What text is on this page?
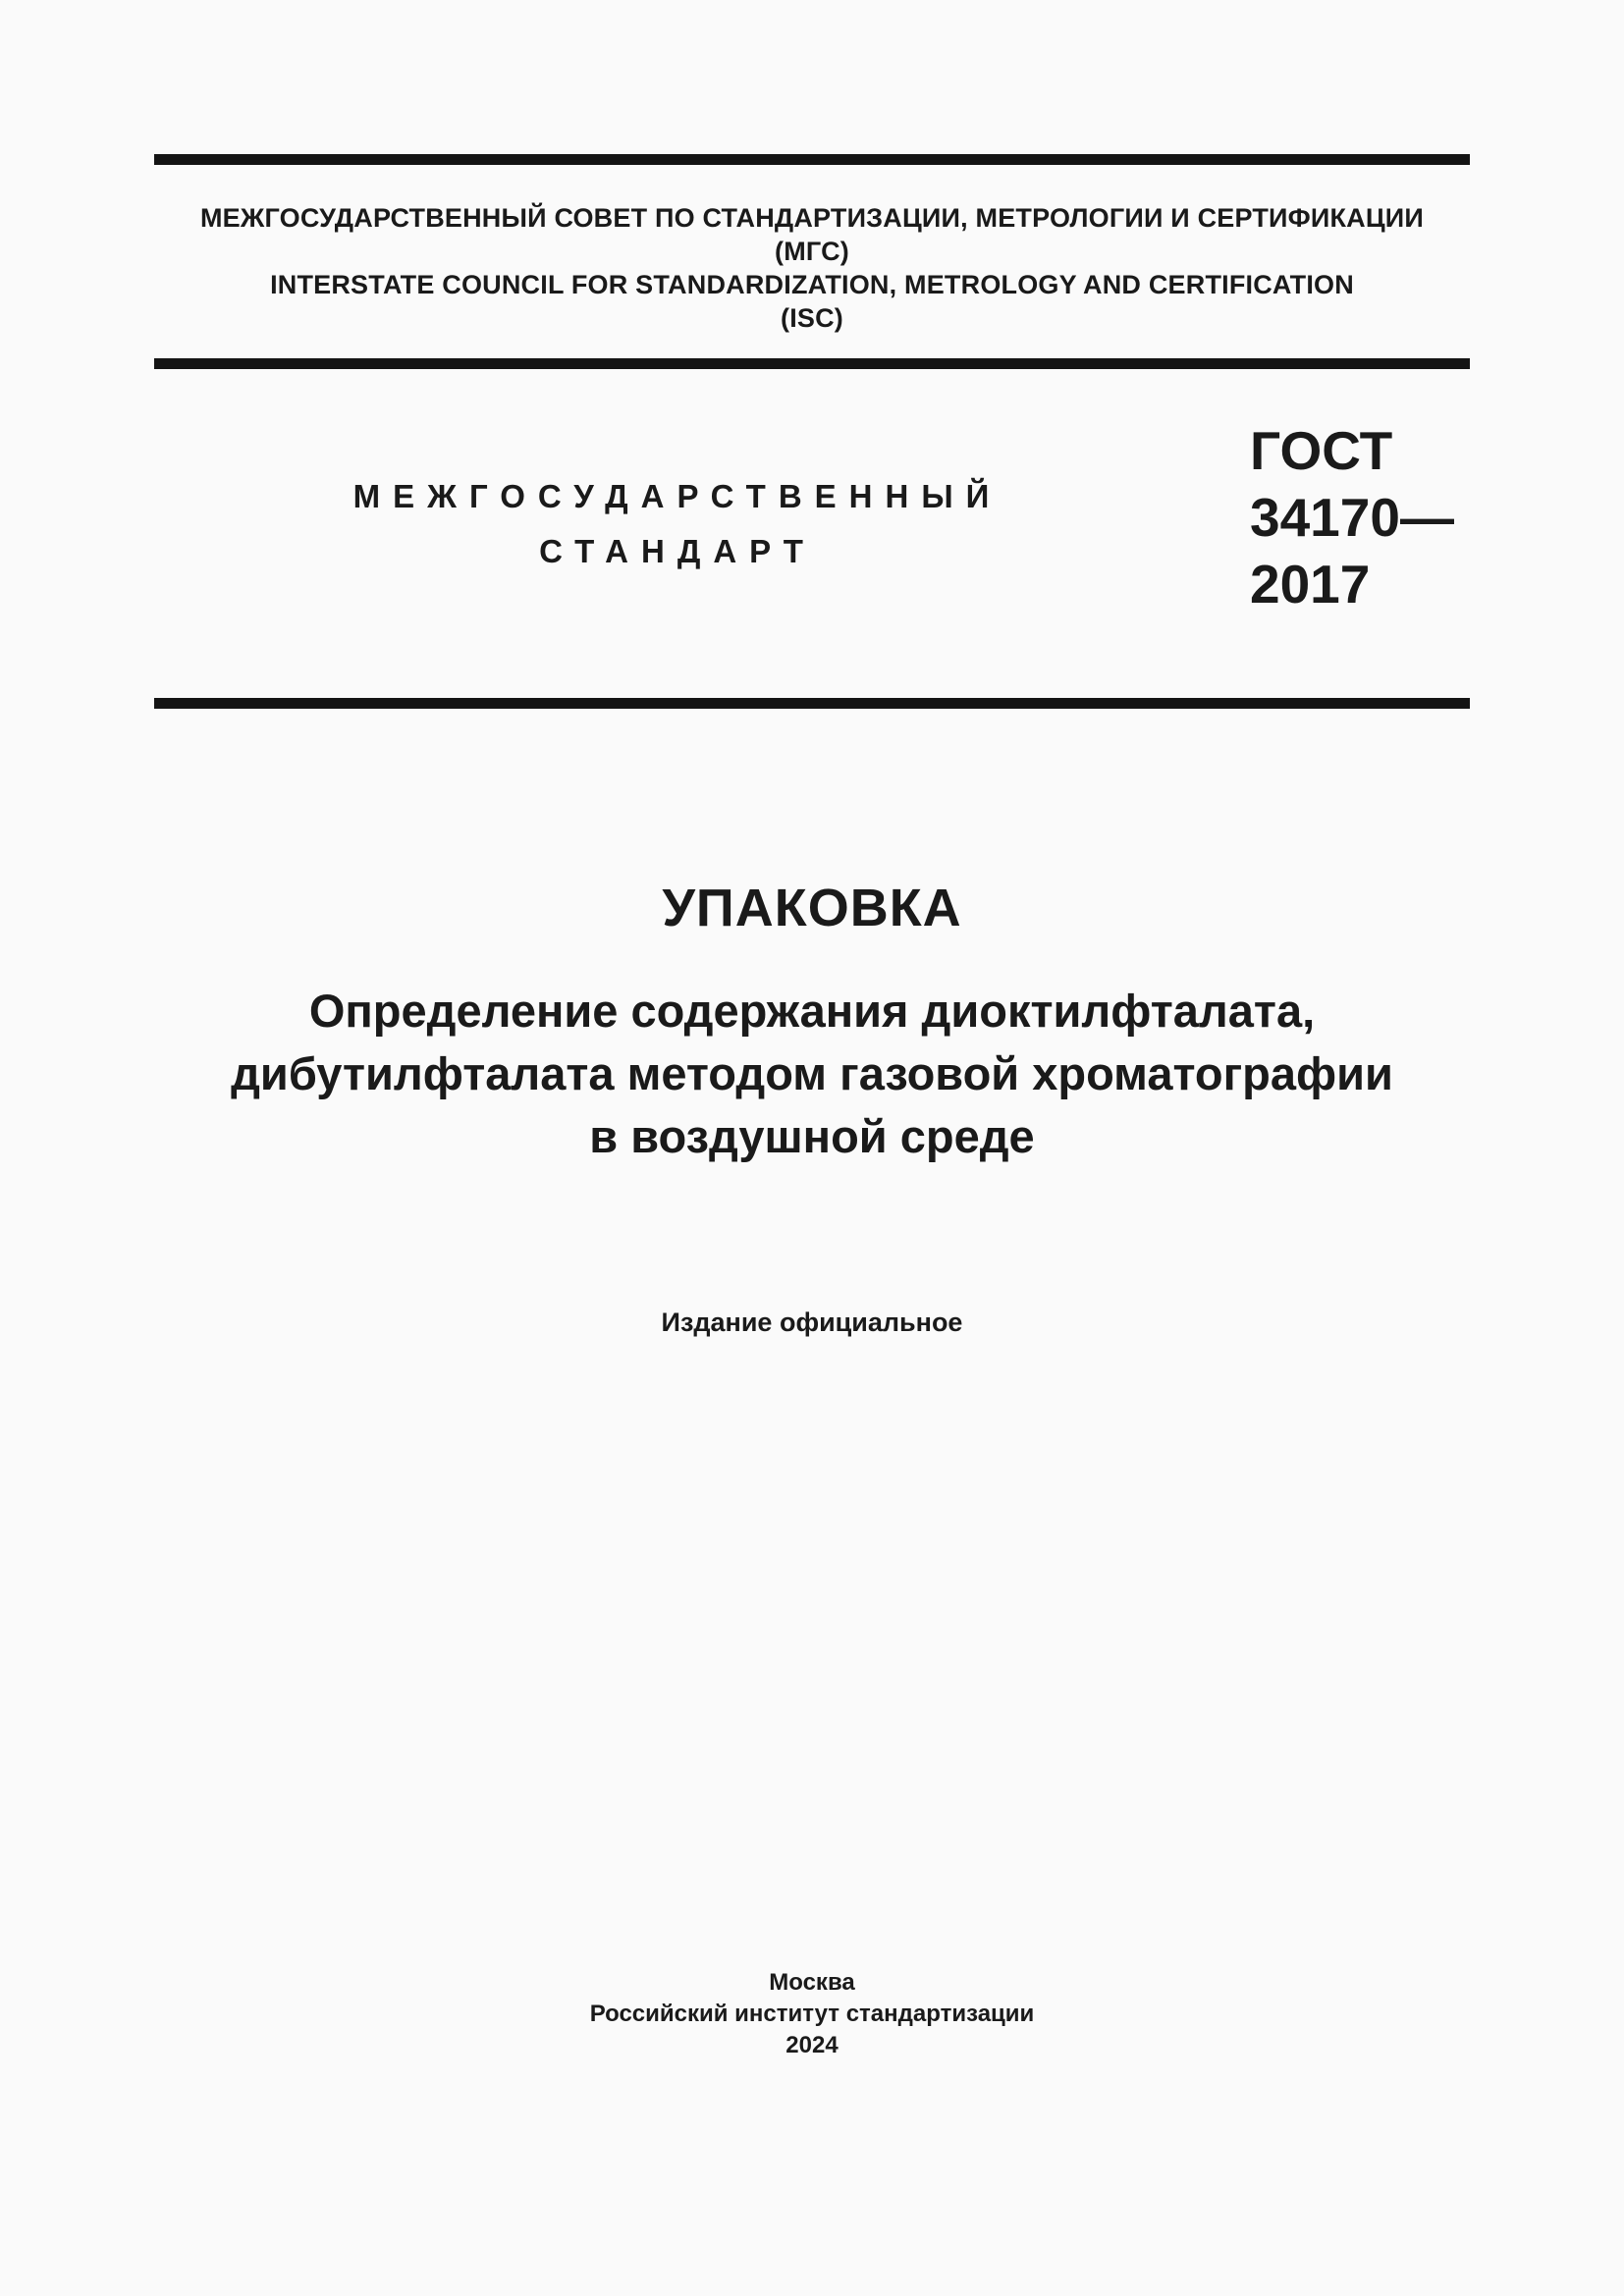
МЕЖГОСУДАРСТВЕННЫЙ СОВЕТ ПО СТАНДАРТИЗАЦИИ, МЕТРОЛОГИИ И СЕРТИФИКАЦИИ
(МГС)
INTERSTATE COUNCIL FOR STANDARDIZATION, METROLOGY AND CERTIFICATION
(ISC)
МЕЖГОСУДАРСТВЕННЫЙ
СТАНДАРТ
ГОСТ
34170—
2017
УПАКОВКА
Определение содержания диоктилфталата,
дибутилфталата методом газовой хроматографии
в воздушной среде
Издание официальное
Москва
Российский институт стандартизации
2024
